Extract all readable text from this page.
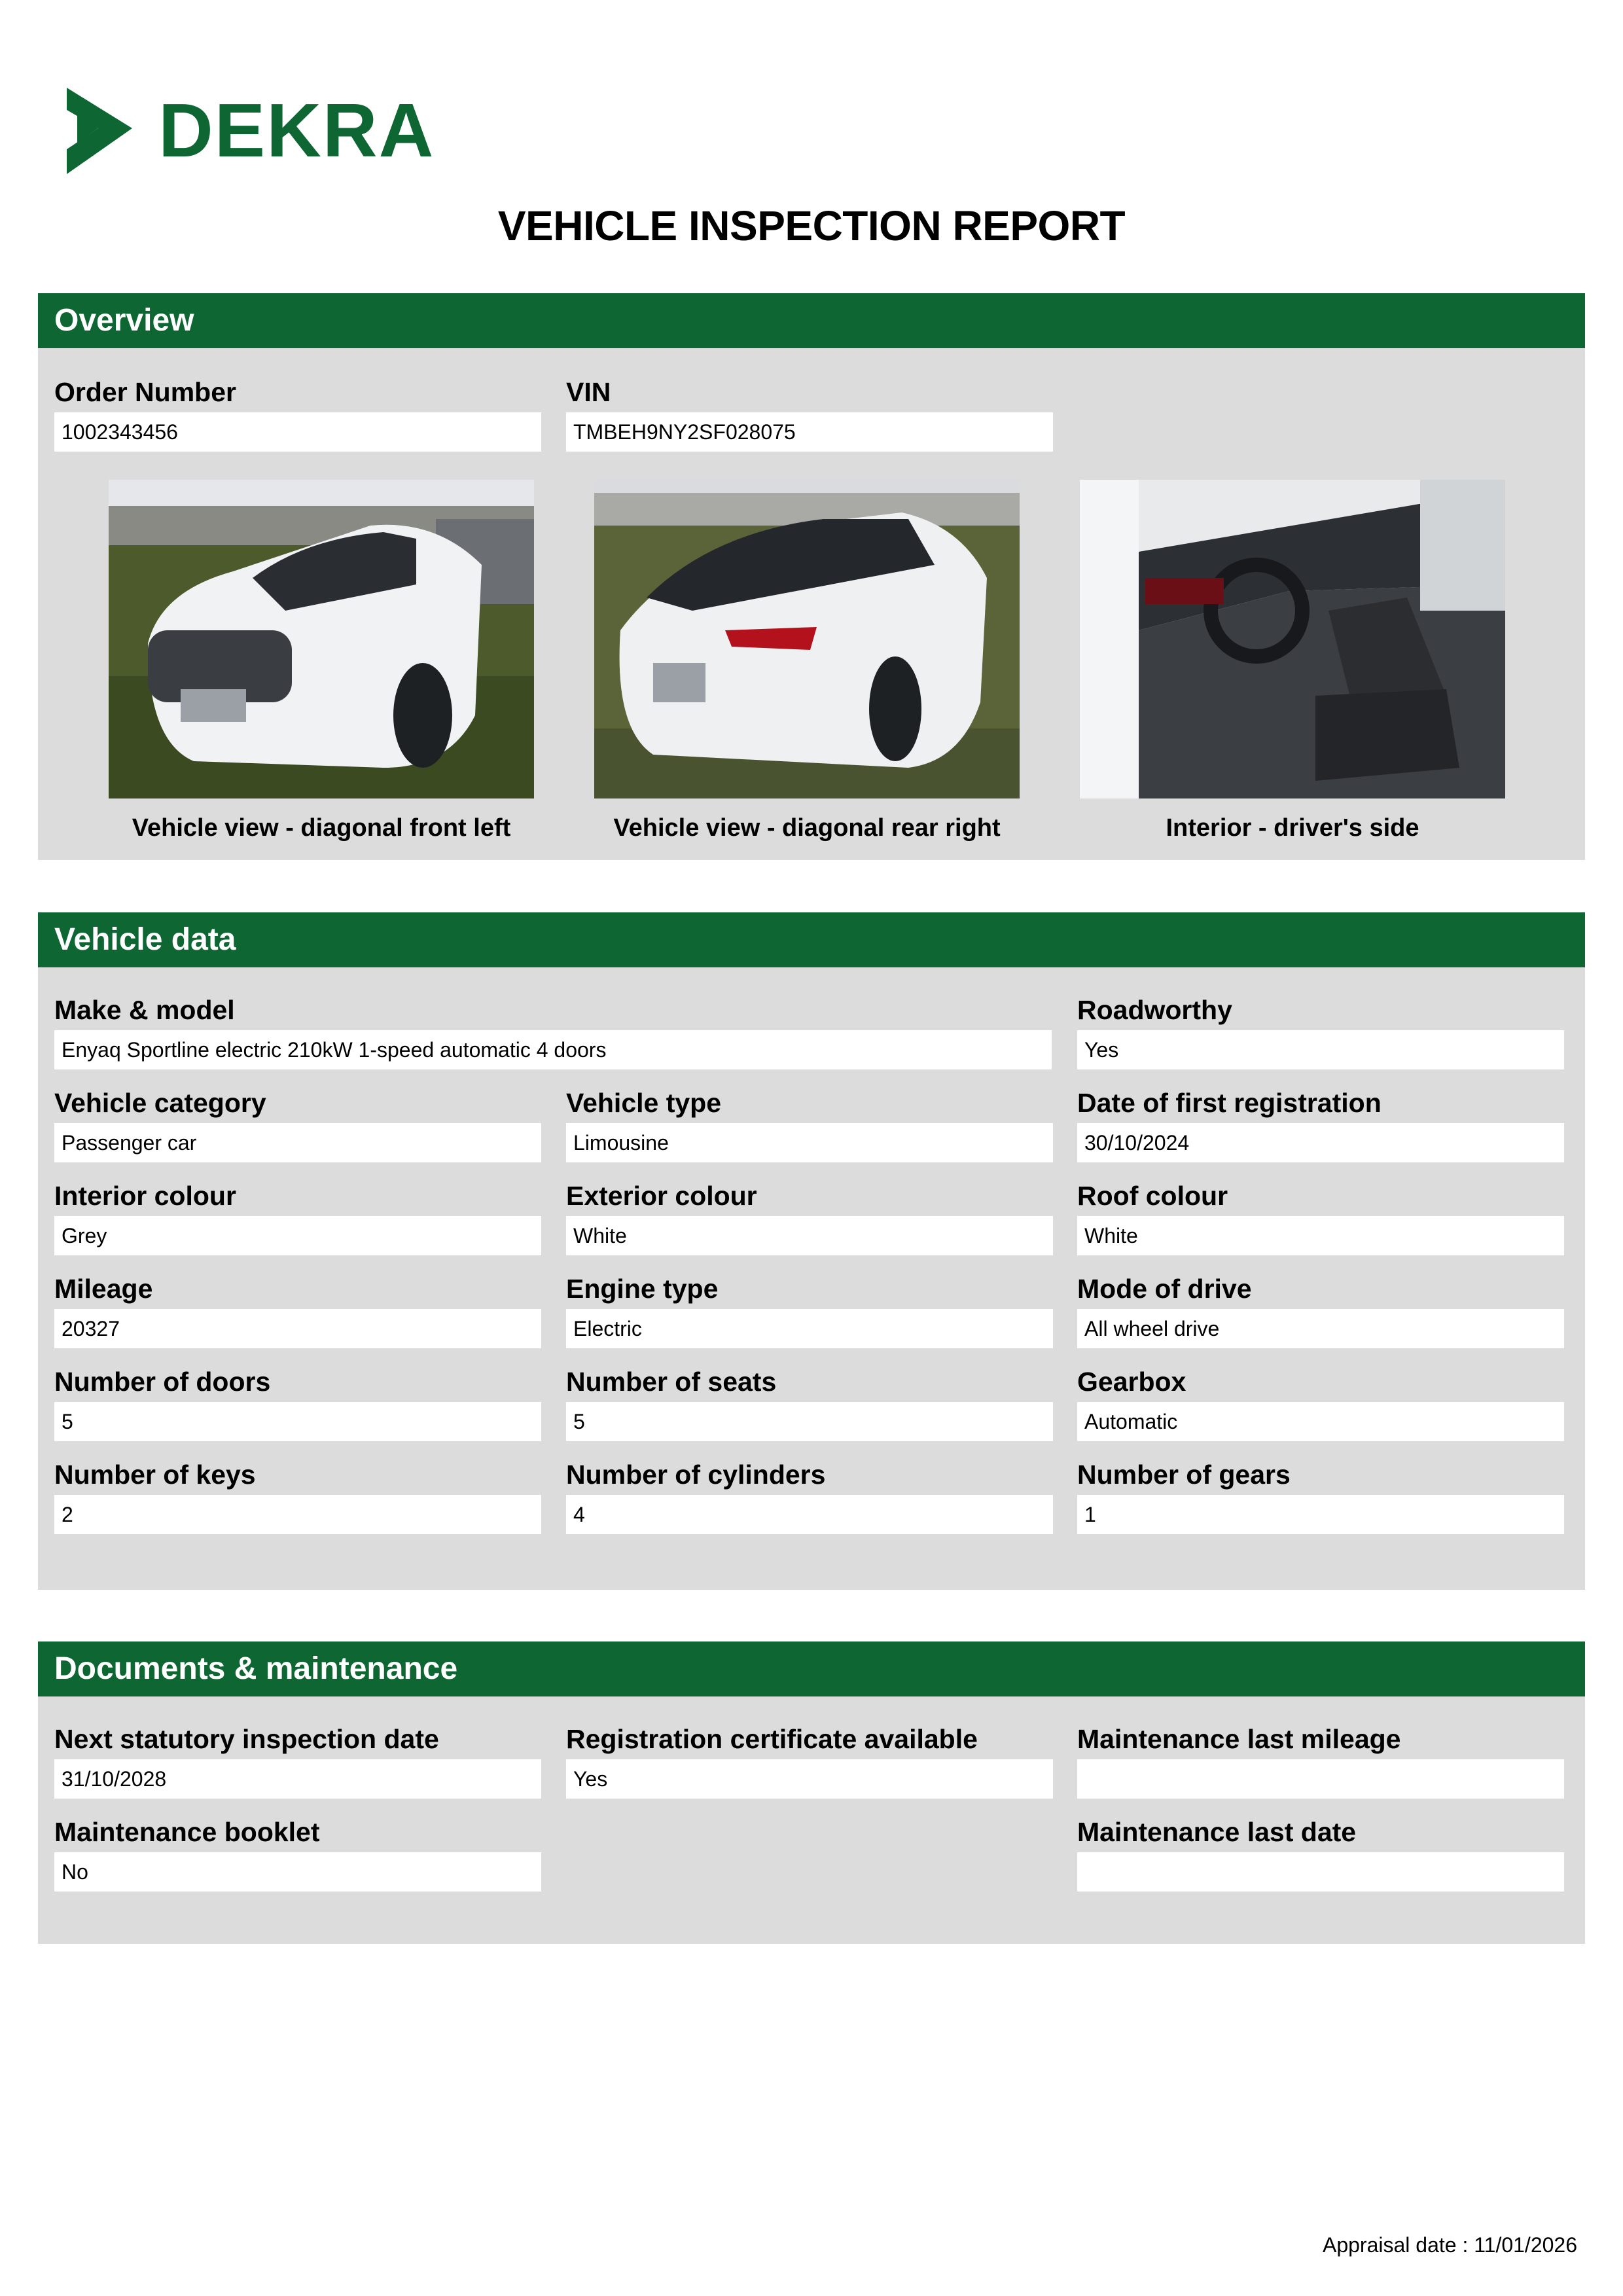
DEKRA
VEHICLE INSPECTION REPORT
Overview
Order Number
1002343456
VIN
TMBEH9NY2SF028075
Vehicle view - diagonal front left	Vehicle view - diagonal rear right	Interior - driver's side
Vehicle data
Make & model
Enyaq Sportline electric 210kW 1-speed automatic 4 doors
Roadworthy
Yes
Vehicle category
Passenger car
Vehicle type
Limousine
Date of first registration
30/10/2024
Interior colour
Grey
Exterior colour
White
Roof colour
White
Mileage
20327
Engine type
Electric
Mode of drive
All wheel drive
Number of doors
5
Number of seats
5
Gearbox
Automatic
Number of keys
2
Number of cylinders
4
Number of gears
1
Documents & maintenance
Next statutory inspection date
31/10/2028
Registration certificate available
Yes
Maintenance last mileage
Maintenance booklet
No
Maintenance last date
Appraisal date : 11/01/2026
